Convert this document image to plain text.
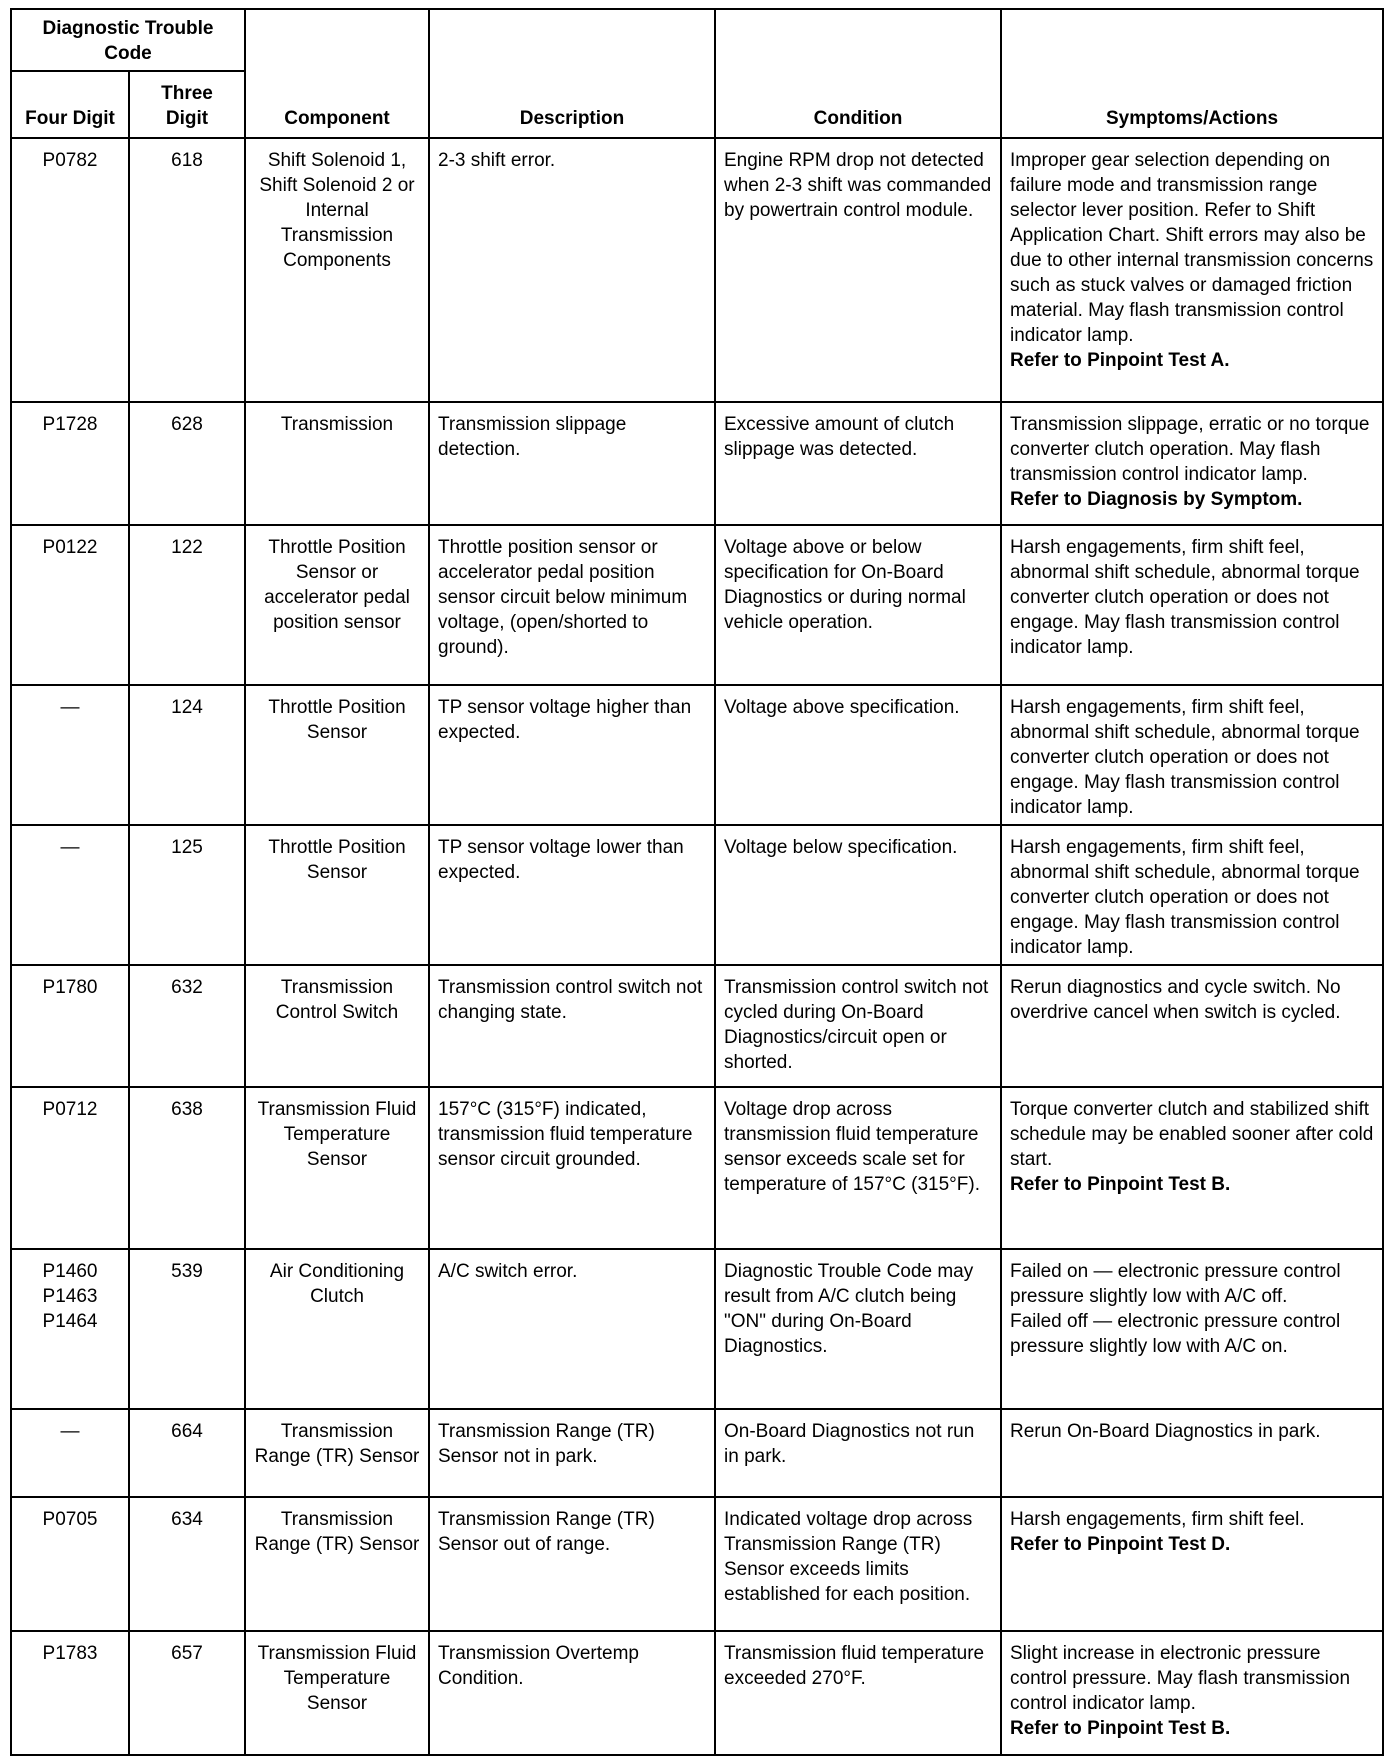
Diagnostic Trouble Code		Component	Description	Condition	Symptoms/Actions
Four Digit	Three Digit				
P0782	618	Shift Solenoid 1, Shift Solenoid 2 or Internal Transmission Components	2-3 shift error.	Engine RPM drop not detected when 2-3 shift was commanded by powertrain control module.	Improper gear selection depending on failure mode and transmission range selector lever position. Refer to Shift Application Chart. Shift errors may also be due to other internal transmission concerns such as stuck valves or damaged friction material. May flash transmission control indicator lamp.
Refer to Pinpoint Test A.

P1728	628	Transmission	Transmission slippage detection.	Excessive amount of clutch slippage was detected.	Transmission slippage, erratic or no torque converter clutch operation. May flash transmission control indicator lamp.
Refer to Diagnosis by Symptom.

P0122	122	Throttle Position Sensor or accelerator pedal position sensor	Throttle position sensor or accelerator pedal position sensor circuit below minimum voltage, (open/shorted to ground).	Voltage above or below specification for On-Board Diagnostics or during normal vehicle operation.	Harsh engagements, firm shift feel, abnormal shift schedule, abnormal torque converter clutch operation or does not engage. May flash transmission control indicator lamp.
—	124	Throttle Position Sensor	TP sensor voltage higher than expected.	Voltage above specification.	Harsh engagements, firm shift feel, abnormal shift schedule, abnormal torque converter clutch operation or does not engage. May flash transmission control indicator lamp.
—	125	Throttle Position Sensor	TP sensor voltage lower than expected.	Voltage below specification.	Harsh engagements, firm shift feel, abnormal shift schedule, abnormal torque converter clutch operation or does not engage. May flash transmission control indicator lamp.
P1780	632	Transmission Control Switch	Transmission control switch not changing state.	Transmission control switch not cycled during On-Board Diagnostics/circuit open or shorted.	Rerun diagnostics and cycle switch. No overdrive cancel when switch is cycled.
P0712	638	Transmission Fluid Temperature Sensor	157°C (315°F) indicated, transmission fluid temperature sensor circuit grounded.	Voltage drop across transmission fluid temperature sensor exceeds scale set for temperature of 157°C (315°F).	Torque converter clutch and stabilized shift schedule may be enabled sooner after cold start.
Refer to Pinpoint Test B.

P1460
P1463
P1464	539	Air Conditioning Clutch	A/C switch error.	Diagnostic Trouble Code may result from A/C clutch being "ON" during On-Board Diagnostics.	Failed on — electronic pressure control pressure slightly low with A/C off.
Failed off — electronic pressure control pressure slightly low with A/C on.
—	664	Transmission Range (TR) Sensor	Transmission Range (TR) Sensor not in park.	On-Board Diagnostics not run in park.	Rerun On-Board Diagnostics in park.
P0705	634	Transmission Range (TR) Sensor	Transmission Range (TR) Sensor out of range.	Indicated voltage drop across Transmission Range (TR) Sensor exceeds limits established for each position.	Harsh engagements, firm shift feel.
Refer to Pinpoint Test D.

P1783	657	Transmission Fluid Temperature Sensor	Transmission Overtemp Condition.	Transmission fluid temperature exceeded 270°F.	Slight increase in electronic pressure control pressure. May flash transmission control indicator lamp.
Refer to Pinpoint Test B.
